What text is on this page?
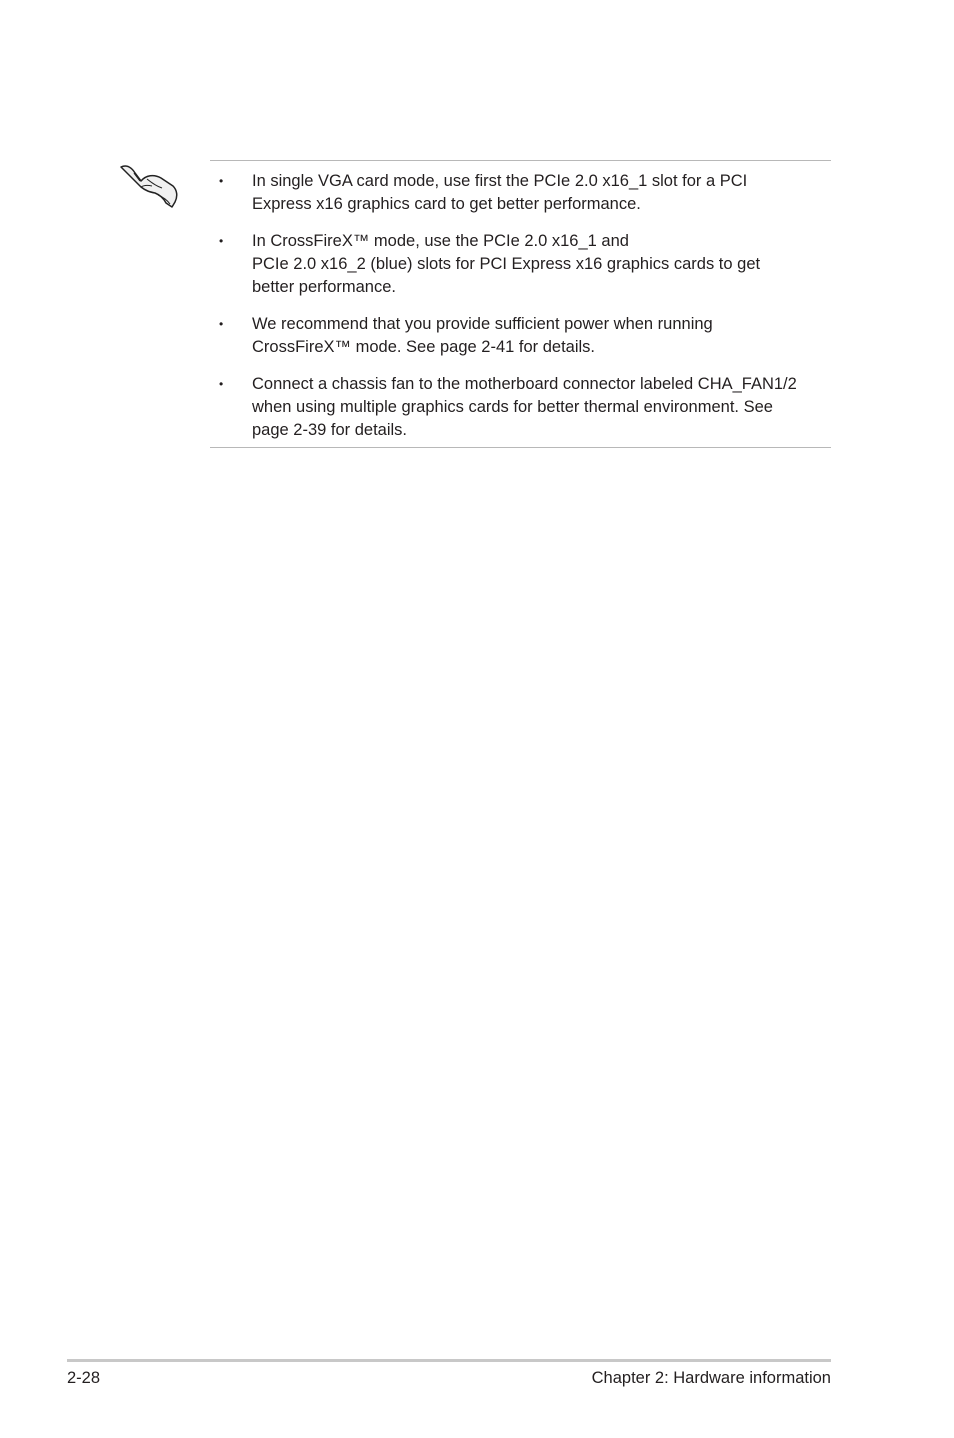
• In single VGA card mode, use first the PCIe 2.0 x16_1 slot for a PCI
Express x16 graphics card to get better performance.
• In CrossFireX™ mode, use the PCIe 2.0 x16_1 and
PCIe 2.0 x16_2 (blue) slots for PCI Express x16 graphics cards to get
better performance.
• We recommend that you provide sufficient power when running
CrossFireX™ mode. See page 2-41 for details.
• Connect a chassis fan to the motherboard connector labeled CHA_FAN1/2
when using multiple graphics cards for better thermal environment. See
page 2-39 for details.
2-28	Chapter 2: Hardware information
